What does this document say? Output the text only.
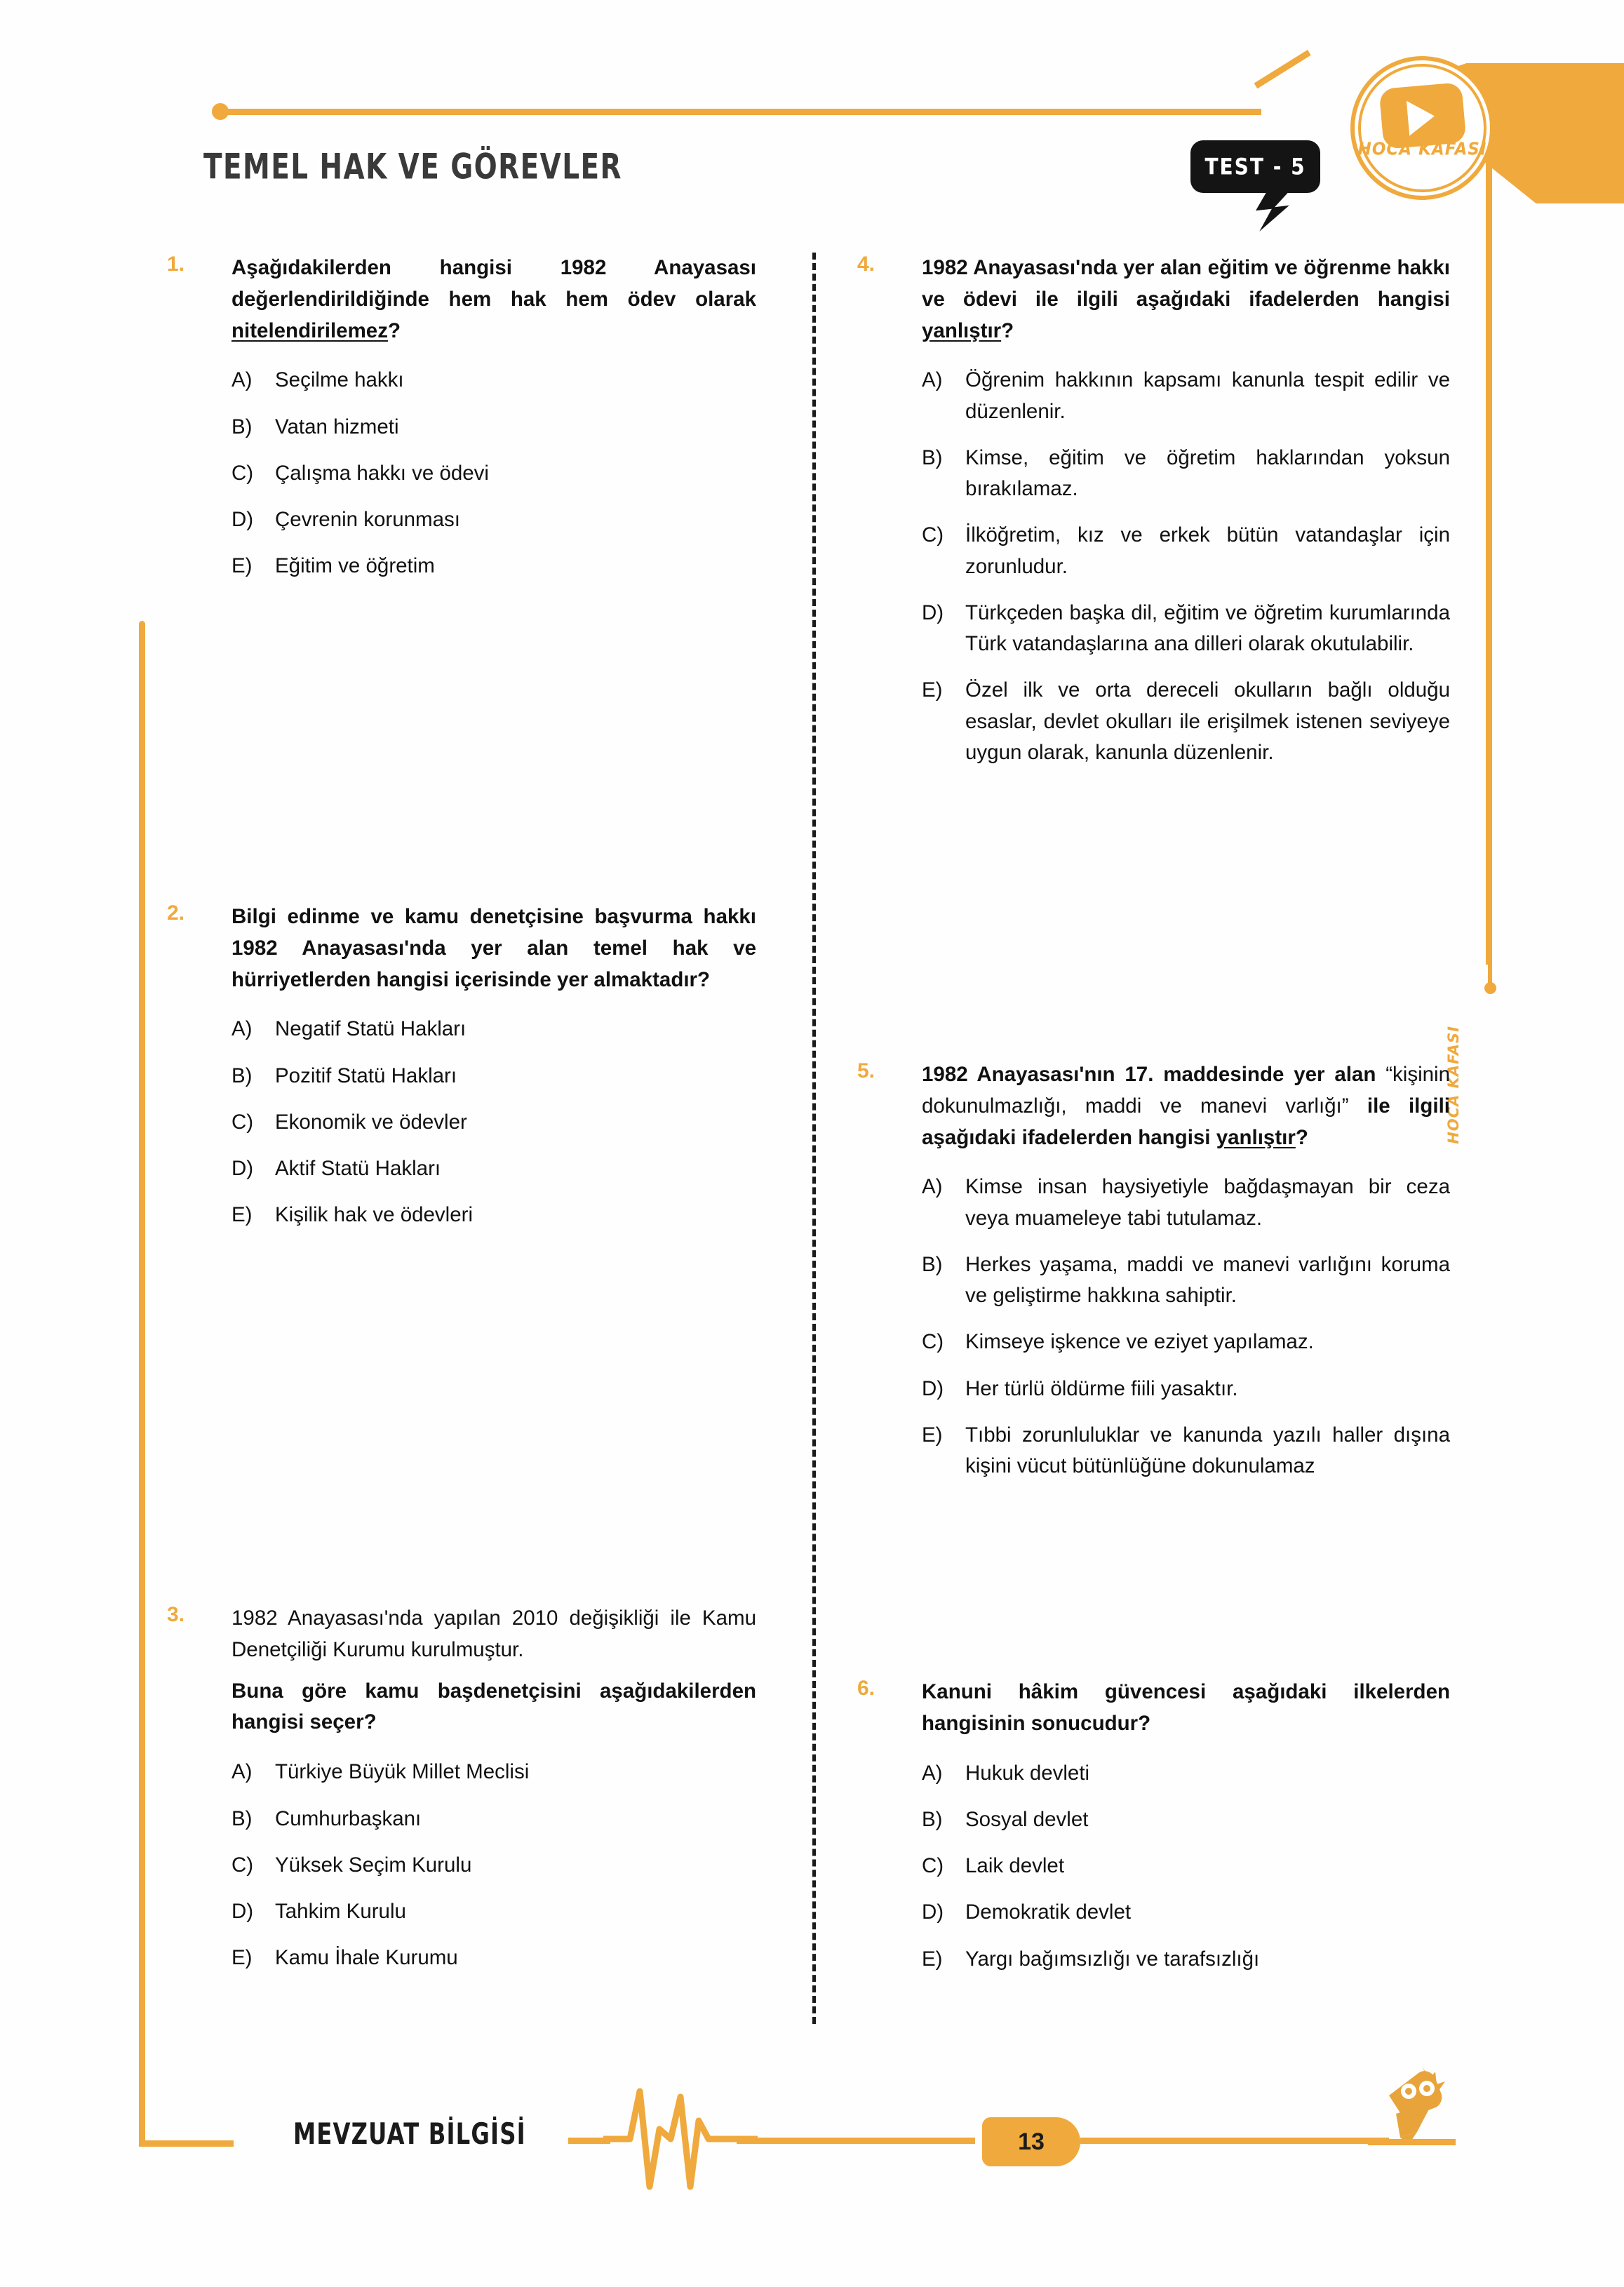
TEMEL HAK VE GÖREVLER	TEST - 5
HOCA KAFASI
HOCA KAFASI
1. Aşağıdakilerden hangisi 1982 Anayasası değerlendirildiğinde hem hak hem ödev olarak nitelendirilemez?
A) Seçilme hakkı
B) Vatan hizmeti
C) Çalışma hakkı ve ödevi
D) Çevrenin korunması
E) Eğitim ve öğretim
2. Bilgi edinme ve kamu denetçisine başvurma hakkı 1982 Anayasası'nda yer alan temel hak ve hürriyetlerden hangisi içerisinde yer almaktadır?
A) Negatif Statü Hakları
B) Pozitif Statü Hakları
C) Ekonomik ve ödevler
D) Aktif Statü Hakları
E) Kişilik hak ve ödevleri
3. 1982 Anayasası'nda yapılan 2010 değişikliği ile Kamu Denetçiliği Kurumu kurulmuştur.
Buna göre kamu başdenetçisini aşağıdakilerden hangisi seçer?
A) Türkiye Büyük Millet Meclisi
B) Cumhurbaşkanı
C) Yüksek Seçim Kurulu
D) Tahkim Kurulu
E) Kamu İhale Kurumu
4. 1982 Anayasası'nda yer alan eğitim ve öğrenme hakkı ve ödevi ile ilgili aşağıdaki ifadelerden hangisi yanlıştır?
A) Öğrenim hakkının kapsamı kanunla tespit edilir ve düzenlenir.
B) Kimse, eğitim ve öğretim haklarından yoksun bırakılamaz.
C) İlköğretim, kız ve erkek bütün vatandaşlar için zorunludur.
D) Türkçeden başka dil, eğitim ve öğretim kurumlarında Türk vatandaşlarına ana dilleri olarak okutulabilir.
E) Özel ilk ve orta dereceli okulların bağlı olduğu esaslar, devlet okulları ile erişilmek istenen seviyeye uygun olarak, kanunla düzenlenir.
5. 1982 Anayasası'nın 17. maddesinde yer alan “kişinin dokunulmazlığı, maddi ve manevi varlığı” ile ilgili aşağıdaki ifadelerden hangisi yanlıştır?
A) Kimse insan haysiyetiyle bağdaşmayan bir ceza veya muameleye tabi tutulamaz.
B) Herkes yaşama, maddi ve manevi varlığını koruma ve geliştirme hakkına sahiptir.
C) Kimseye işkence ve eziyet yapılamaz.
D) Her türlü öldürme fiili yasaktır.
E) Tıbbi zorunluluklar ve kanunda yazılı haller dışına kişini vücut bütünlüğüne dokunulamaz
6. Kanuni hâkim güvencesi aşağıdaki ilkelerden hangisinin sonucudur?
A) Hukuk devleti
B) Sosyal devlet
C) Laik devlet
D) Demokratik devlet
E) Yargı bağımsızlığı ve tarafsızlığı
MEVZUAT BİLGİSİ	13
